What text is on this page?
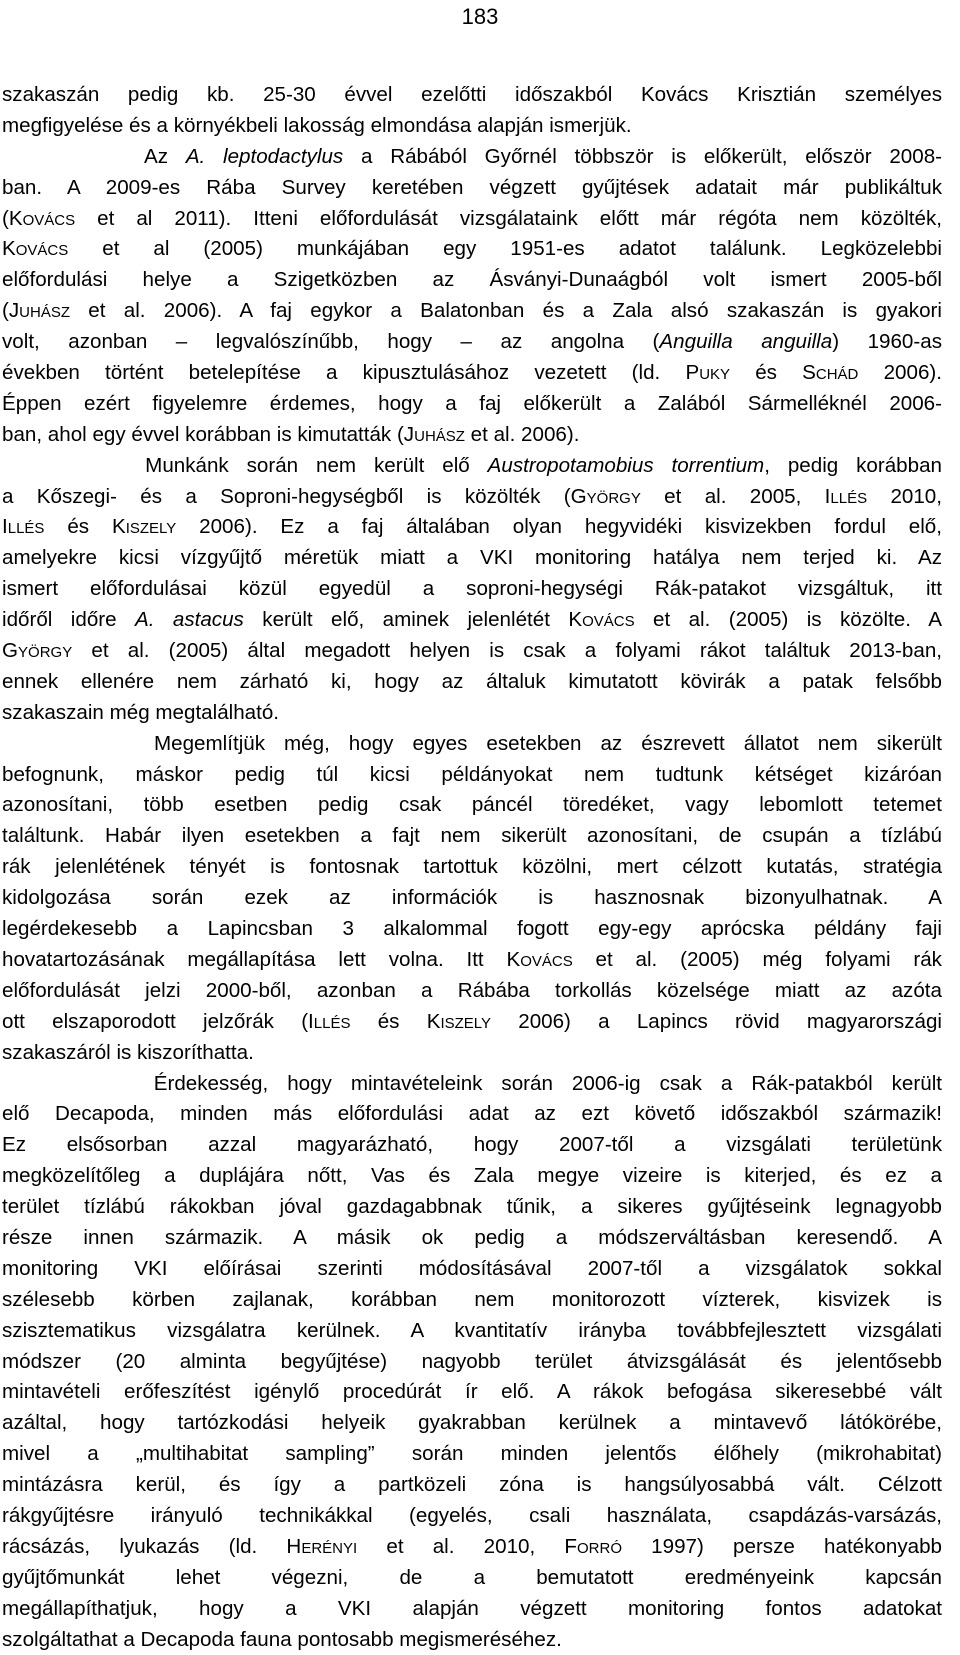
183
szakaszán pedig kb. 25-30 évvel ezelőtti időszakból Kovács Krisztián személyes
megfigyelése és a környékbeli lakosság elmondása alapján ismerjük.
Az A. leptodactylus a Rábából Győrnél többször is előkerült, először 2008-
ban. A 2009-es Rába Survey keretében végzett gyűjtések adatait már publikáltuk
(KOVÁCS et al 2011). Itteni előfordulását vizsgálataink előtt már régóta nem közölték,
KOVÁCS et al (2005) munkájában egy 1951-es adatot találunk. Legközelebbi
előfordulási helye a Szigetközben az Ásványi-Dunaágból volt ismert 2005-ből
(JUHÁSZ et al. 2006). A faj egykor a Balatonban és a Zala alsó szakaszán is gyakori
volt, azonban – legvalószínűbb, hogy – az angolna (Anguilla anguilla) 1960-as
években történt betelepítése a kipusztulásához vezetett (ld. PUKY és SCHÁD 2006).
Éppen ezért figyelemre érdemes, hogy a faj előkerült a Zalából Sármelléknél 2006-
ban, ahol egy évvel korábban is kimutatták (JUHÁSZ et al. 2006).
Munkánk során nem került elő Austropotamobius torrentium, pedig korábban
a Kőszegi- és a Soproni-hegységből is közölték (GYÖRGY et al. 2005, ILLÉS 2010,
ILLÉS és KISZELY 2006). Ez a faj általában olyan hegyvidéki kisvizekben fordul elő,
amelyekre kicsi vízgyűjtő méretük miatt a VKI monitoring hatálya nem terjed ki. Az
ismert előfordulásai közül egyedül a soproni-hegységi Rák-patakot vizsgáltuk, itt
időről időre A. astacus került elő, aminek jelenlétét KOVÁCS et al. (2005) is közölte. A
GYÖRGY et al. (2005) által megadott helyen is csak a folyami rákot találtuk 2013-ban,
ennek ellenére nem zárható ki, hogy az általuk kimutatott kövirák a patak felsőbb
szakaszain még megtalálható.
Megemlítjük még, hogy egyes esetekben az észrevett állatot nem sikerült
befognunk, máskor pedig túl kicsi példányokat nem tudtunk kétséget kizáróan
azonosítani, több esetben pedig csak páncél töredéket, vagy lebomlott tetemet
találtunk. Habár ilyen esetekben a fajt nem sikerült azonosítani, de csupán a tízlábú
rák jelenlétének tényét is fontosnak tartottuk közölni, mert célzott kutatás, stratégia
kidolgozása során ezek az információk is hasznosnak bizonyulhatnak. A
legérdekesebb a Lapincsban 3 alkalommal fogott egy-egy aprócska példány faji
hovatartozásának megállapítása lett volna. Itt KOVÁCS et al. (2005) még folyami rák
előfordulását jelzi 2000-ből, azonban a Rábába torkollás közelsége miatt az azóta
ott elszaporodott jelzőrák (ILLÉS és KISZELY 2006) a Lapincs rövid magyarországi
szakaszáról is kiszoríthatta.
Érdekesség, hogy mintavételeink során 2006-ig csak a Rák-patakból került
elő Decapoda, minden más előfordulási adat az ezt követő időszakból származik!
Ez elsősorban azzal magyarázható, hogy 2007-től a vizsgálati területünk
megközelítőleg a duplájára nőtt, Vas és Zala megye vizeire is kiterjed, és ez a
terület tízlábú rákokban jóval gazdagabbnak tűnik, a sikeres gyűjtéseink legnagyobb
része innen származik. A másik ok pedig a módszerváltásban keresendő. A
monitoring VKI előírásai szerinti módosításával 2007-től a vizsgálatok sokkal
szélesebb körben zajlanak, korábban nem monitorozott vízterek, kisvizek is
szisztematikus vizsgálatra kerülnek. A kvantitatív irányba továbbfejlesztett vizsgálati
módszer (20 alminta begyűjtése) nagyobb terület átvizsgálását és jelentősebb
mintavételi erőfeszítést igénylő procedúrát ír elő. A rákok befogása sikeresebbé vált
azáltal, hogy tartózkodási helyeik gyakrabban kerülnek a mintavevő látókörébe,
mivel a „multihabitat sampling” során minden jelentős élőhely (mikrohabitat)
mintázásra kerül, és így a partközeli zóna is hangsúlyosabbá vált. Célzott
rákgyűjtésre irányuló technikákkal (egyelés, csali használata, csapdázás-varsázás,
rácsázás, lyukazás (ld. HERÉNYI et al. 2010, FORRÓ 1997) persze hatékonyabb
gyűjtőmunkát lehet végezni, de a bemutatott eredményeink kapcsán
megállapíthatjuk, hogy a VKI alapján végzett monitoring fontos adatokat
szolgáltathat a Decapoda fauna pontosabb megismeréséhez.
